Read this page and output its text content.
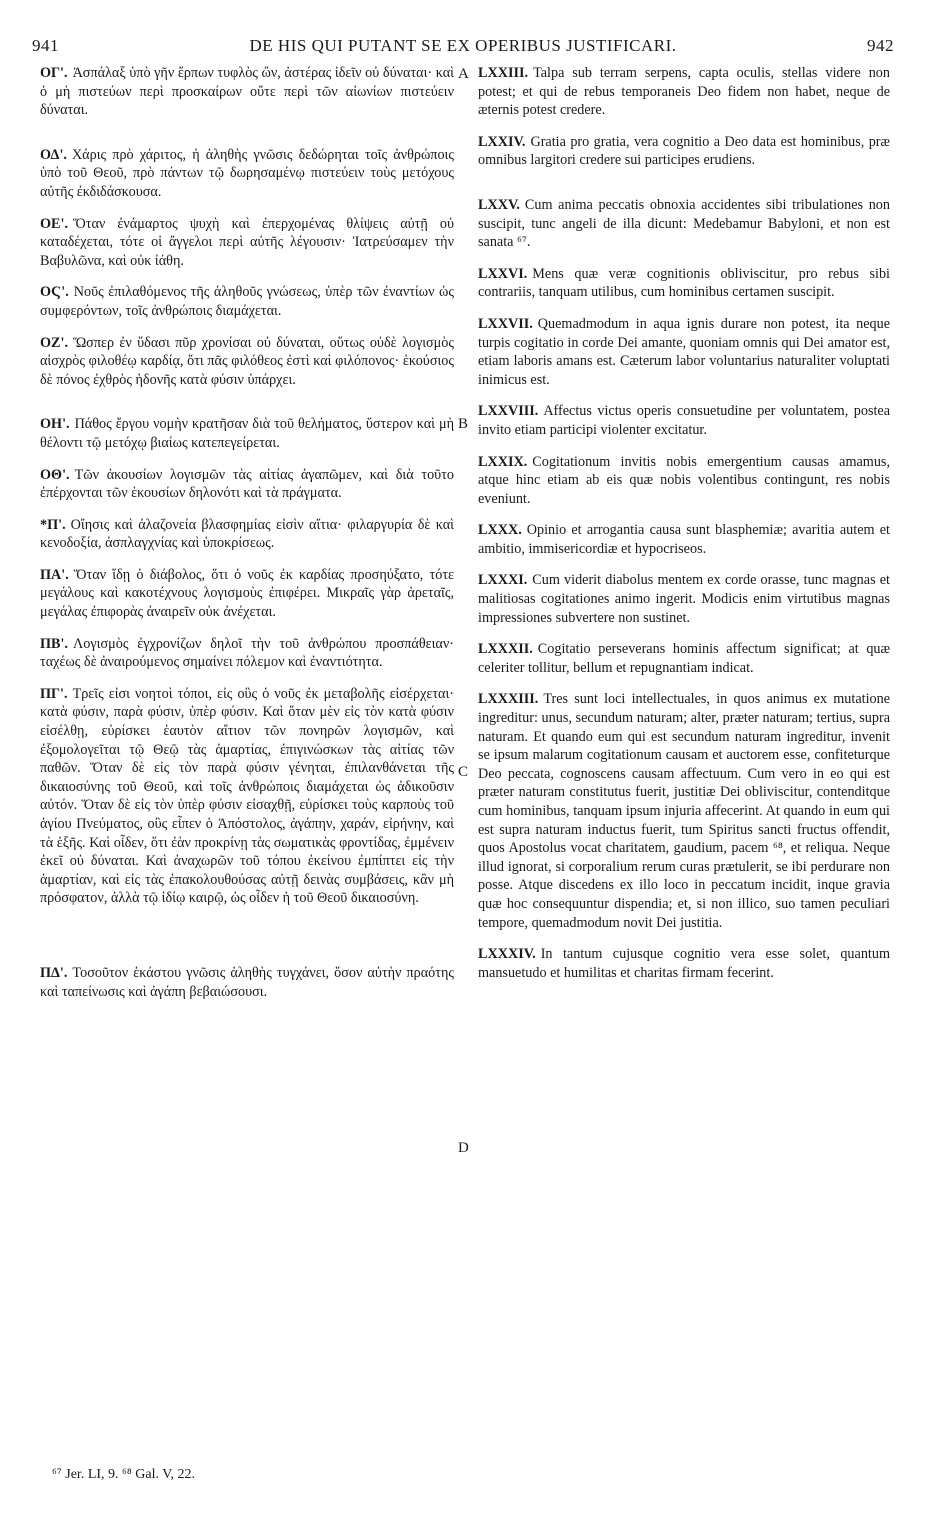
941	DE HIS QUI PUTANT SE EX OPERIBUS JUSTIFICARI.	942

ΟΓ'. Ἀσπάλαξ ὑπὸ γῆν ἕρπων τυφλὸς ὤν, ἀστέρας ἰδεῖν οὐ δύναται· καὶ ὁ μὴ πιστεύων περὶ προσκαίρων οὔτε περὶ τῶν αἰωνίων πιστεύειν δύναται.

ΟΔ'. Χάρις πρὸ χάριτος, ἡ ἀληθὴς γνῶσις δεδώρηται τοῖς ἀνθρώποις ὑπὸ τοῦ Θεοῦ, πρὸ πάντων τῷ δωρησαμένῳ πιστεύειν τοὺς μετόχους αὐτῆς ἐκδιδάσκουσα.

ΟΕ'. Ὅταν ἐνάμαρτος ψυχὴ καὶ ἐπερχομένας θλίψεις αὐτῇ οὐ καταδέχεται, τότε οἱ ἄγγελοι περὶ αὐτῆς λέγουσιν· Ἰατρεύσαμεν τὴν Βαβυλῶνα, καὶ οὐκ ἰάθη.

ΟϚ'. Νοῦς ἐπιλαθόμενος τῆς ἀληθοῦς γνώσεως, ὑπὲρ τῶν ἐναντίων ὡς συμφερόντων, τοῖς ἀνθρώποις διαμάχεται.

ΟΖ'. Ὥσπερ ἐν ὕδασι πῦρ χρονίσαι οὐ δύναται, οὕτως οὐδὲ λογισμὸς αἰσχρὸς φιλοθέῳ καρδίᾳ, ὅτι πᾶς φιλόθεος ἐστὶ καὶ φιλόπονος· ἑκούσιος δὲ πόνος ἐχθρὸς ἡδονῆς κατὰ φύσιν ὑπάρχει.

ΟΗ'. Πάθος ἔργου νομὴν κρατῆσαν διὰ τοῦ θελήματος, ὕστερον καὶ μὴ θέλοντι τῷ μετόχῳ βιαίως κατεπεγείρεται.

ΟΘ'. Τῶν ἀκουσίων λογισμῶν τὰς αἰτίας ἀγαπῶμεν, καὶ διὰ τοῦτο ἐπέρχονται τῶν ἑκουσίων δηλονότι καὶ τὰ πράγματα.

*Π'. Οἴησις καὶ ἀλαζονεία βλασφημίας εἰσὶν αἴτια· φιλαργυρία δὲ καὶ κενοδοξία, ἀσπλαγχνίας καὶ ὑποκρίσεως.

ΠΑ'. Ὅταν ἴδῃ ὁ διάβολος, ὅτι ὁ νοῦς ἐκ καρδίας προσηύξατο, τότε μεγάλους καὶ κακοτέχνους λογισμοὺς ἐπιφέρει. Μικραῖς γὰρ ἀρεταῖς, μεγάλας ἐπιφορὰς ἀναιρεῖν οὐκ ἀνέχεται.

ΠΒ'. Λογισμὸς ἐγχρονίζων δηλοῖ τὴν τοῦ ἀνθρώπου προσπάθειαν· ταχέως δὲ ἀναιρούμενος σημαίνει πόλεμον καὶ ἐναντιότητα.

ΠΓ'. Τρεῖς εἰσι νοητοὶ τόποι, εἰς οὓς ὁ νοῦς ἐκ μεταβολῆς εἰσέρχεται· κατὰ φύσιν, παρὰ φύσιν, ὑπὲρ φύσιν. Καὶ ὅταν μὲν εἰς τὸν κατὰ φύσιν εἰσέλθῃ, εὑρίσκει ἑαυτὸν αἴτιον τῶν πονηρῶν λογισμῶν, καὶ ἐξομολογεῖται τῷ Θεῷ τὰς ἁμαρτίας, ἐπιγινώσκων τὰς αἰτίας τῶν παθῶν. Ὅταν δὲ εἰς τὸν παρὰ φύσιν γένηται, ἐπιλανθάνεται τῆς δικαιοσύνης τοῦ Θεοῦ, καὶ τοῖς ἀνθρώποις διαμάχεται ὡς ἀδικοῦσιν αὐτόν. Ὅταν δὲ εἰς τὸν ὑπὲρ φύσιν εἰσαχθῇ, εὑρίσκει τοὺς καρποὺς τοῦ ἁγίου Πνεύματος, οὓς εἶπεν ὁ Ἀπόστολος, ἀγάπην, χαράν, εἰρήνην, καὶ τὰ ἑξῆς. Καὶ οἶδεν, ὅτι ἐὰν προκρίνῃ τὰς σωματικὰς φροντίδας, ἐμμένειν ἐκεῖ οὐ δύναται. Καὶ ἀναχωρῶν τοῦ τόπου ἐκείνου ἐμπίπτει εἰς τὴν ἁμαρτίαν, καὶ εἰς τὰς ἐπακολουθούσας αὐτῇ δεινὰς συμβάσεις, κἂν μὴ πρόσφατον, ἀλλὰ τῷ ἰδίῳ καιρῷ, ὡς οἶδεν ἡ τοῦ Θεοῦ δικαιοσύνη.

ΠΔ'. Τοσοῦτον ἑκάστου γνῶσις ἀληθὴς τυγχάνει, ὅσον αὐτὴν πραότης καὶ ταπείνωσις καὶ ἀγάπη βεβαιώσουσι.

A
B
C
D

LXXIII. Talpa sub terram serpens, capta oculis, stellas videre non potest; et qui de rebus temporaneis Deo fidem non habet, neque de æternis potest credere.

LXXIV. Gratia pro gratia, vera cognitio a Deo data est hominibus, præ omnibus largitori credere sui participes erudiens.

LXXV. Cum anima peccatis obnoxia accidentes sibi tribulationes non suscipit, tunc angeli de illa dicunt: Medebamur Babyloni, et non est sanata ⁶⁷.

LXXVI. Mens quæ veræ cognitionis obliviscitur, pro rebus sibi contrariis, tanquam utilibus, cum hominibus certamen suscipit.

LXXVII. Quemadmodum in aqua ignis durare non potest, ita neque turpis cogitatio in corde Dei amante, quoniam omnis qui Dei amator est, etiam laboris amans est. Cæterum labor voluntarius naturaliter voluptati inimicus est.

LXXVIII. Affectus victus operis consuetudine per voluntatem, postea invito etiam participi violenter excitatur.

LXXIX. Cogitationum invitis nobis emergentium causas amamus, atque hinc etiam ab eis quæ nobis volentibus contingunt, res nobis eveniunt.

LXXX. Opinio et arrogantia causa sunt blasphemiæ; avaritia autem et ambitio, immisericordiæ et hypocriseos.

LXXXI. Cum viderit diabolus mentem ex corde orasse, tunc magnas et malitiosas cogitationes animo ingerit. Modicis enim virtutibus magnas impressiones subvertere non sustinet.

LXXXII. Cogitatio perseverans hominis affectum significat; at quæ celeriter tollitur, bellum et repugnantiam indicat.

LXXXIII. Tres sunt loci intellectuales, in quos animus ex mutatione ingreditur: unus, secundum naturam; alter, præter naturam; tertius, supra naturam. Et quando eum qui est secundum naturam ingreditur, invenit se ipsum malarum cogitationum causam et auctorem esse, confiteturque Deo peccata, cognoscens causam affectuum. Cum vero in eo qui est præter naturam constitutus fuerit, justitiæ Dei obliviscitur, contenditque cum hominibus, tanquam ipsum injuria affecerint. At quando in eum qui est supra naturam inductus fuerit, tum Spiritus sancti fructus offendit, quos Apostolus vocat charitatem, gaudium, pacem ⁶⁸, et reliqua. Neque illud ignorat, si corporalium rerum curas prætulerit, se ibi perdurare non posse. Atque discedens ex illo loco in peccatum incidit, inque gravia quæ hoc consequuntur dispendia; et, si non illico, suo tamen peculiari tempore, quemadmodum novit Dei justitia.

LXXXIV. In tantum cujusque cognitio vera esse solet, quantum mansuetudo et humilitas et charitas firmam fecerint.

⁶⁷ Jer. LI, 9. ⁶⁸ Gal. V, 22.
